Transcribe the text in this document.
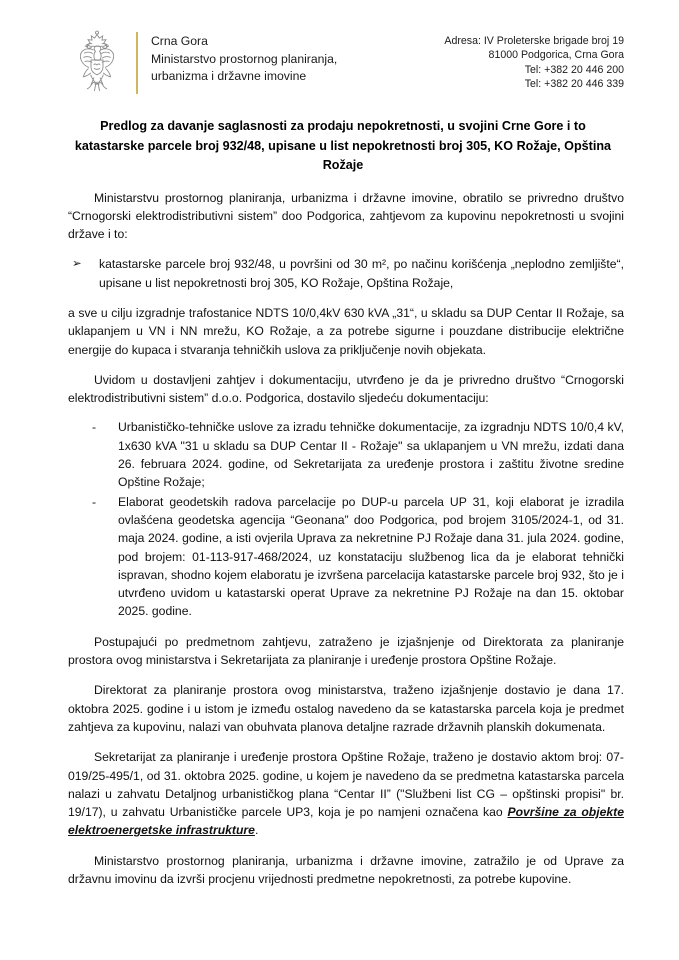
Crna Gora
Ministarstvo prostornog planiranja,
urbanizma i državne imovine
Adresa: IV Proleterske brigade broj 19
81000 Podgorica, Crna Gora
Tel: +382 20 446 200
Tel: +382 20 446 339
Predlog za davanje saglasnosti za prodaju nepokretnosti, u svojini Crne Gore i to katastarske parcele broj 932/48, upisane u list nepokretnosti broj 305, KO Rožaje, Opština Rožaje

Ministarstvu prostornog planiranja, urbanizma i državne imovine, obratilo se privredno društvo “Crnogorski elektrodistributivni sistem” doo Podgorica, zahtjevom za kupovinu nepokretnosti u svojini države i to:

➢ katastarske parcele broj 932/48, u površini od 30 m², po načinu korišćenja „neplodno zemljište“, upisane u list nepokretnosti broj 305, KO Rožaje, Opština Rožaje,

a sve u cilju izgradnje trafostanice NDTS 10/0,4kV 630 kVA „31“, u skladu sa DUP Centar II Rožaje, sa uklapanjem u VN i NN mrežu, KO Rožaje, a za potrebe sigurne i pouzdane distribucije električne energije do kupaca i stvaranja tehničkih uslova za priključenje novih objekata.

Uvidom u dostavljeni zahtjev i dokumentaciju, utvrđeno je da je privredno društvo “Crnogorski elektrodistributivni sistem” d.o.o. Podgorica, dostavilo sljedeću dokumentaciju:

- Urbanističko-tehničke uslove za izradu tehničke dokumentacije, za izgradnju NDTS 10/0,4 kV, 1x630 kVA "31 u skladu sa DUP Centar II - Rožaje" sa uklapanjem u VN mrežu, izdati dana 26. februara 2024. godine, od Sekretarijata za uređenje prostora i zaštitu životne sredine Opštine Rožaje;
- Elaborat geodetskih radova parcelacije po DUP-u parcela UP 31, koji elaborat je izradila ovlašćena geodetska agencija “Geonana” doo Podgorica, pod brojem 3105/2024-1, od 31. maja 2024. godine, a isti ovjerila Uprava za nekretnine PJ Rožaje dana 31. jula 2024. godine, pod brojem: 01-113-917-468/2024, uz konstataciju službenog lica da je elaborat tehnički ispravan, shodno kojem elaboratu je izvršena parcelacija katastarske parcele broj 932, što je i utvrđeno uvidom u katastarski operat Uprave za nekretnine PJ Rožaje na dan 15. oktobar 2025. godine.

Postupajući po predmetnom zahtjevu, zatraženo je izjašnjenje od Direktorata za planiranje prostora ovog ministarstva i Sekretarijata za planiranje i uređenje prostora Opštine Rožaje.

Direktorat za planiranje prostora ovog ministarstva, traženo izjašnjenje dostavio je dana 17. oktobra 2025. godine i u istom je između ostalog navedeno da se katastarska parcela koja je predmet zahtjeva za kupovinu, nalazi van obuhvata planova detaljne razrade državnih planskih dokumenata.

Sekretarijat za planiranje i uređenje prostora Opštine Rožaje, traženo je dostavio aktom broj: 07-019/25-495/1, od 31. oktobra 2025. godine, u kojem je navedeno da se predmetna katastarska parcela nalazi u zahvatu Detaljnog urbanističkog plana “Centar II” ("Službeni list CG – opštinski propisi" br. 19/17), u zahvatu Urbanističke parcele UP3, koja je po namjeni označena kao Površine za objekte elektroenergetske infrastrukture.

Ministarstvo prostornog planiranja, urbanizma i državne imovine, zatražilo je od Uprave za državnu imovinu da izvrši procjenu vrijednosti predmetne nepokretnosti, za potrebe kupovine.
